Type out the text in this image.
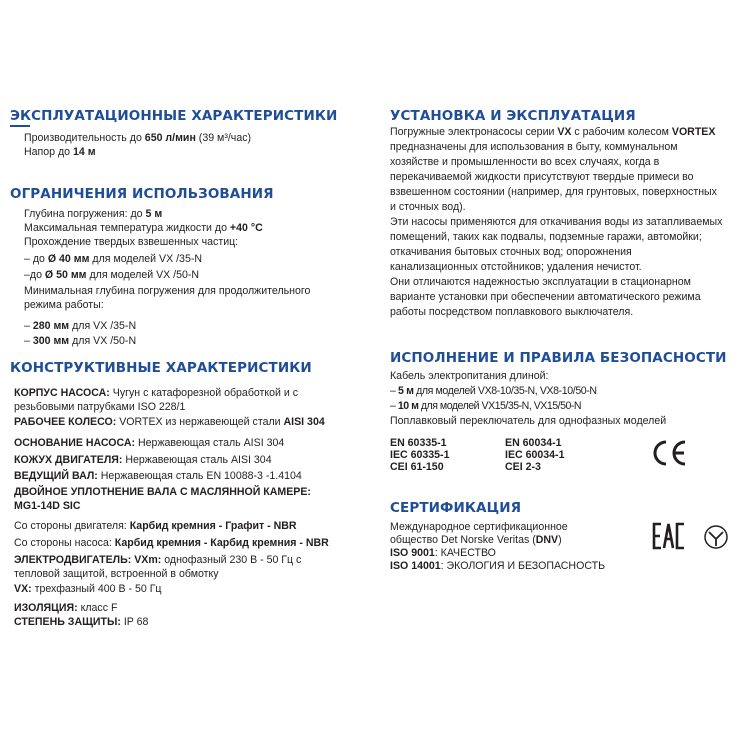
ЭКСПЛУАТАЦИОННЫЕ ХАРАКТЕРИСТИКИ
Производительность до 650 л/мин (39 м³/час)
Напор до 14 м
ОГРАНИЧЕНИЯ ИСПОЛЬЗОВАНИЯ
Глубина погружения: до 5 м
Максимальная температура жидкости до +40 °C
Прохождение твердых взвешенных частиц:
– до Ø 40 мм для моделей VX /35-N
–до Ø 50 мм для моделей VX /50-N
Минимальная глубина погружения для продолжительного
режима работы:
– 280 мм для VX /35-N
– 300 мм для VX /50-N
КОНСТРУКТИВНЫЕ ХАРАКТЕРИСТИКИ
КОРПУС НАСОСА: Чугун с катафорезной обработкой и с
резьбовыми патрубками ISO 228/1
РАБОЧЕЕ КОЛЕСО: VORTEX из нержавеющей стали AISI 304
ОСНОВАНИЕ НАСОСА: Нержавеющая сталь AISI 304
КОЖУХ ДВИГАТЕЛЯ: Нержавеющая сталь AISI 304
ВЕДУЩИЙ ВАЛ: Нержавеющая сталь EN 10088-3 -1.4104
ДВОЙНОЕ УПЛОТНЕНИЕ ВАЛА С МАСЛЯННОЙ КАМЕРЕ:
MG1-14D SIC
Со стороны двигателя: Карбид кремния - Графит - NBR
Со стороны насоса: Карбид кремния - Карбид кремния - NBR
ЭЛЕКТРОДВИГАТЕЛЬ: VXm: однофазный 230 В - 50 Гц с
тепловой защитой, встроенной в обмотку
VX: трехфазный 400 В - 50 Гц
ИЗОЛЯЦИЯ: класс F
СТЕПЕНЬ ЗАЩИТЫ: IP 68
УСТАНОВКА И ЭКСПЛУАТАЦИЯ
Погружные электронасосы серии VX с рабочим колесом VORTEX
предназначены для использования в быту, коммунальном
хозяйстве и промышленности во всех случаях, когда в
перекачиваемой жидкости присутствуют твердые примеси во
взвешенном состоянии (например, для грунтовых, поверхностных
и сточных вод).
Эти насосы применяются для откачивания воды из затапливаемых
помещений, таких как подвалы, подземные гаражи, автомойки;
откачивания бытовых сточных вод; опорожнения
канализационных отстойников; удаления нечистот.
Они отличаются надежностью эксплуатации в стационарном
варианте установки при обеспечении автоматического режима
работы посредством поплавкового выключателя.
ИСПОЛНЕНИЕ И ПРАВИЛА БЕЗОПАСНОСТИ
Кабель электропитания длиной:
– 5 м для моделей VX8-10/35-N, VX8-10/50-N
– 10 м для моделей VX15/35-N, VX15/50-N
Поплавковый переключатель для однофазных моделей
EN 60335-1
IEC 60335-1
CEI 61-150
EN 60034-1
IEC 60034-1
CEI 2-3
СЕРТИФИКАЦИЯ
Международное сертификационное
общество Det Norske Veritas (DNV)
ISO 9001: КАЧЕСТВО
ISO 14001: ЭКОЛОГИЯ И БЕЗОПАСНОСТЬ
